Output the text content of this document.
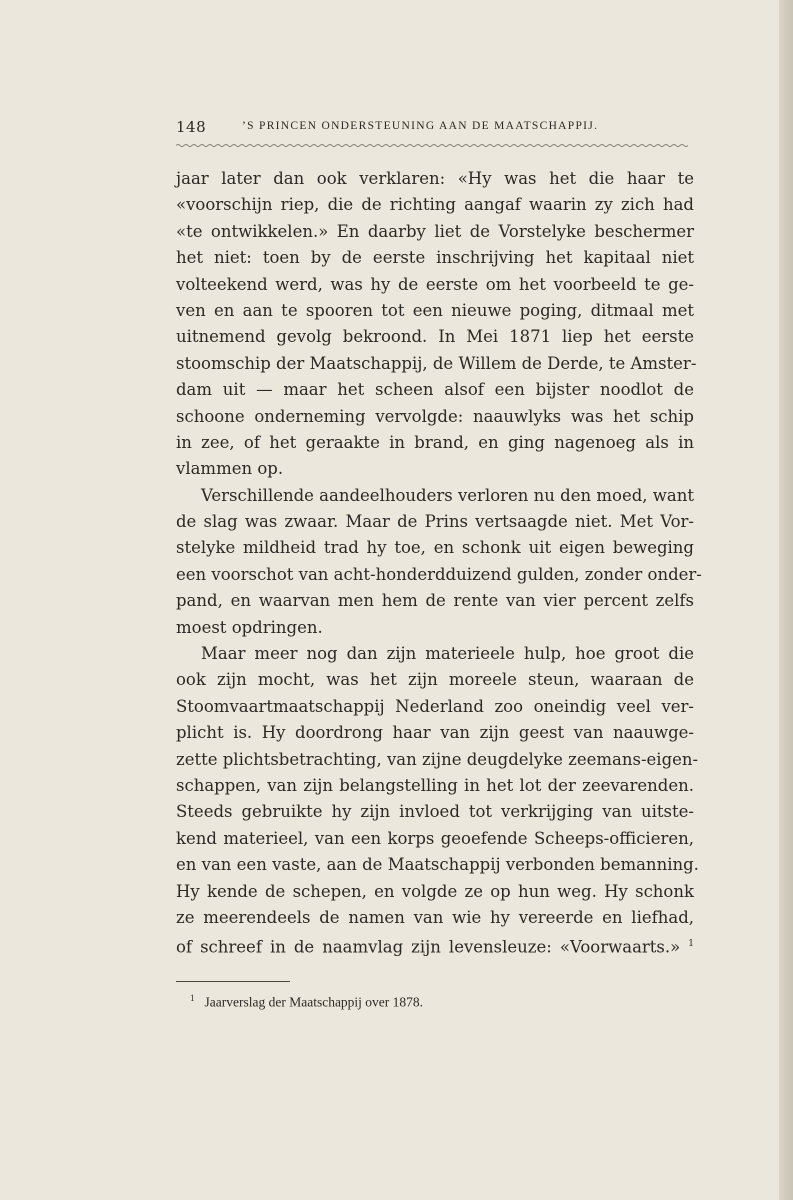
148	’S PRINCEN ONDERSTEUNING AAN DE MAATSCHAPPIJ.
jaar later dan ook verklaren: «Hy was het die haar te
«voorschijn riep, die de richting aangaf waarin zy zich had
«te ontwikkelen.» En daarby liet de Vorstelyke beschermer
het niet: toen by de eerste inschrijving het kapitaal niet
volteekend werd, was hy de eerste om het voorbeeld te ge-
ven en aan te spooren tot een nieuwe poging, ditmaal met
uitnemend gevolg bekroond. In Mei 1871 liep het eerste
stoomschip der Maatschappij, de Willem de Derde, te Amster-
dam uit — maar het scheen alsof een bijster noodlot de
schoone onderneming vervolgde: naauwlyks was het schip
in zee, of het geraakte in brand, en ging nagenoeg als in
vlammen op.
Verschillende aandeelhouders verloren nu den moed, want
de slag was zwaar. Maar de Prins vertsaagde niet. Met Vor-
stelyke mildheid trad hy toe, en schonk uit eigen beweging
een voorschot van acht-honderdduizend gulden, zonder onder-
pand, en waarvan men hem de rente van vier percent zelfs
moest opdringen.
Maar meer nog dan zijn materieele hulp, hoe groot die
ook zijn mocht, was het zijn moreele steun, waaraan de
Stoomvaartmaatschappij Nederland zoo oneindig veel ver-
plicht is. Hy doordrong haar van zijn geest van naauwge-
zette plichtsbetrachting, van zijne deugdelyke zeemans-eigen-
schappen, van zijn belangstelling in het lot der zeevarenden.
Steeds gebruikte hy zijn invloed tot verkrijging van uitste-
kend materieel, van een korps geoefende Scheeps-officieren,
en van een vaste, aan de Maatschappij verbonden bemanning.
Hy kende de schepen, en volgde ze op hun weg. Hy schonk
ze meerendeels de namen van wie hy vereerde en liefhad,
of schreef in de naamvlag zijn levensleuze: «Voorwaarts.» $^1$
$^1$ Jaarverslag der Maatschappij over 1878.
